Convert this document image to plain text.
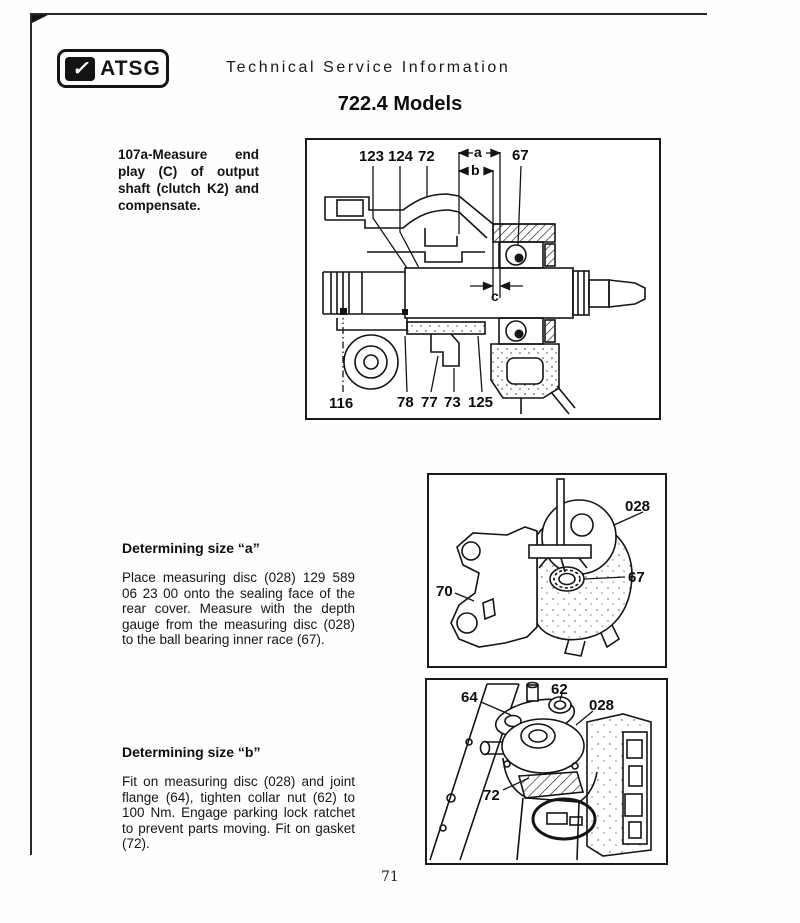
✓ ATSG	Technical Service Information
722.4 Models
107a-Measure end play (C) of output shaft (clutch K2) and compensate.
123 124 72	a
b
67
c
116	78 77 73 125
Determining size “a”
Place measuring disc (028) 129 589 06 23 00 onto the sealing face of the rear cover. Measure with the depth gauge from the measuring disc (028) to the ball bearing inner race (67).
028
70
67
Determining size “b”
Fit on measuring disc (028) and joint flange (64), tighten collar nut (62) to 100 Nm. Engage parking lock ratchet to prevent parts moving. Fit on gasket (72).
64	62
028
72
71
